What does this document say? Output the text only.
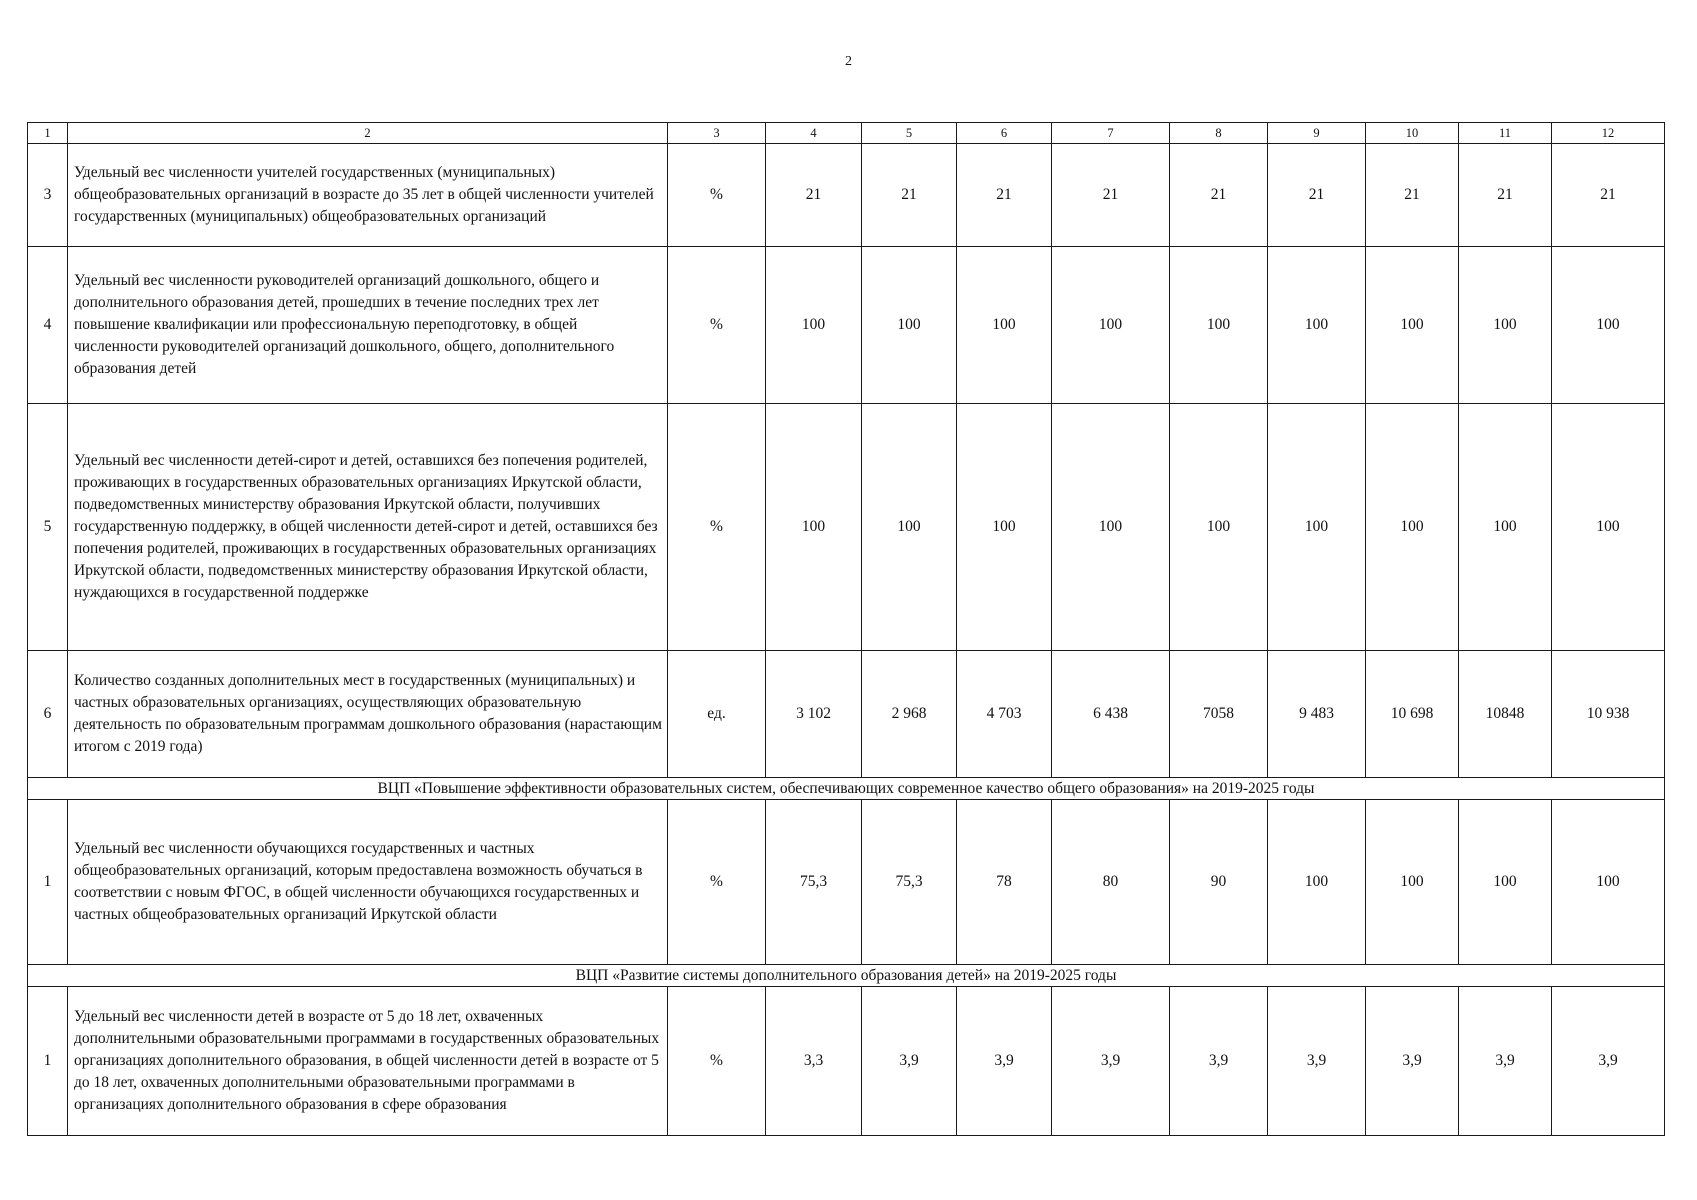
2
1	2	3	4	5	6	7	8	9	10	11	12
3	Удельный вес численности учителей государственных (муниципальных) общеобразовательных организаций в возрасте до 35 лет в общей численности учителей государственных (муниципальных) общеобразовательных организаций	%	21	21	21	21	21	21	21	21	21
4	Удельный вес численности руководителей организаций дошкольного, общего и дополнительного образования детей, прошедших в течение последних трех лет повышение квалификации или профессиональную переподготовку, в общей численности руководителей организаций дошкольного, общего, дополнительного образования детей	%	100	100	100	100	100	100	100	100	100
5	Удельный вес численности детей-сирот и детей, оставшихся без попечения родителей, проживающих в государственных образовательных организациях Иркутской области, подведомственных министерству образования Иркутской области, получивших государственную поддержку, в общей численности детей-сирот и детей, оставшихся без попечения родителей, проживающих в государственных образовательных организациях Иркутской области, подведомственных министерству образования Иркутской области, нуждающихся в государственной поддержке	%	100	100	100	100	100	100	100	100	100
6	Количество созданных дополнительных мест в государственных (муниципальных) и частных образовательных организациях, осуществляющих образовательную деятельность по образовательным программам дошкольного образования (нарастающим итогом с 2019 года)	ед.	3 102	2 968	4 703	6 438	7058	9 483	10 698	10848	10 938
ВЦП «Повышение эффективности образовательных систем, обеспечивающих современное качество общего образования» на 2019-2025 годы											
1	Удельный вес численности обучающихся государственных и частных общеобразовательных организаций, которым предоставлена возможность обучаться в соответствии с новым ФГОС, в общей численности обучающихся государственных и частных общеобразовательных организаций Иркутской области	%	75,3	75,3	78	80	90	100	100	100	100
ВЦП «Развитие системы дополнительного образования детей» на 2019-2025 годы											
1	Удельный вес численности детей в возрасте от 5 до 18 лет, охваченных дополнительными образовательными программами в государственных образовательных организациях дополнительного образования, в общей численности детей в возрасте от 5 до 18 лет, охваченных дополнительными образовательными программами в организациях дополнительного образования в сфере образования	%	3,3	3,9	3,9	3,9	3,9	3,9	3,9	3,9	3,9
